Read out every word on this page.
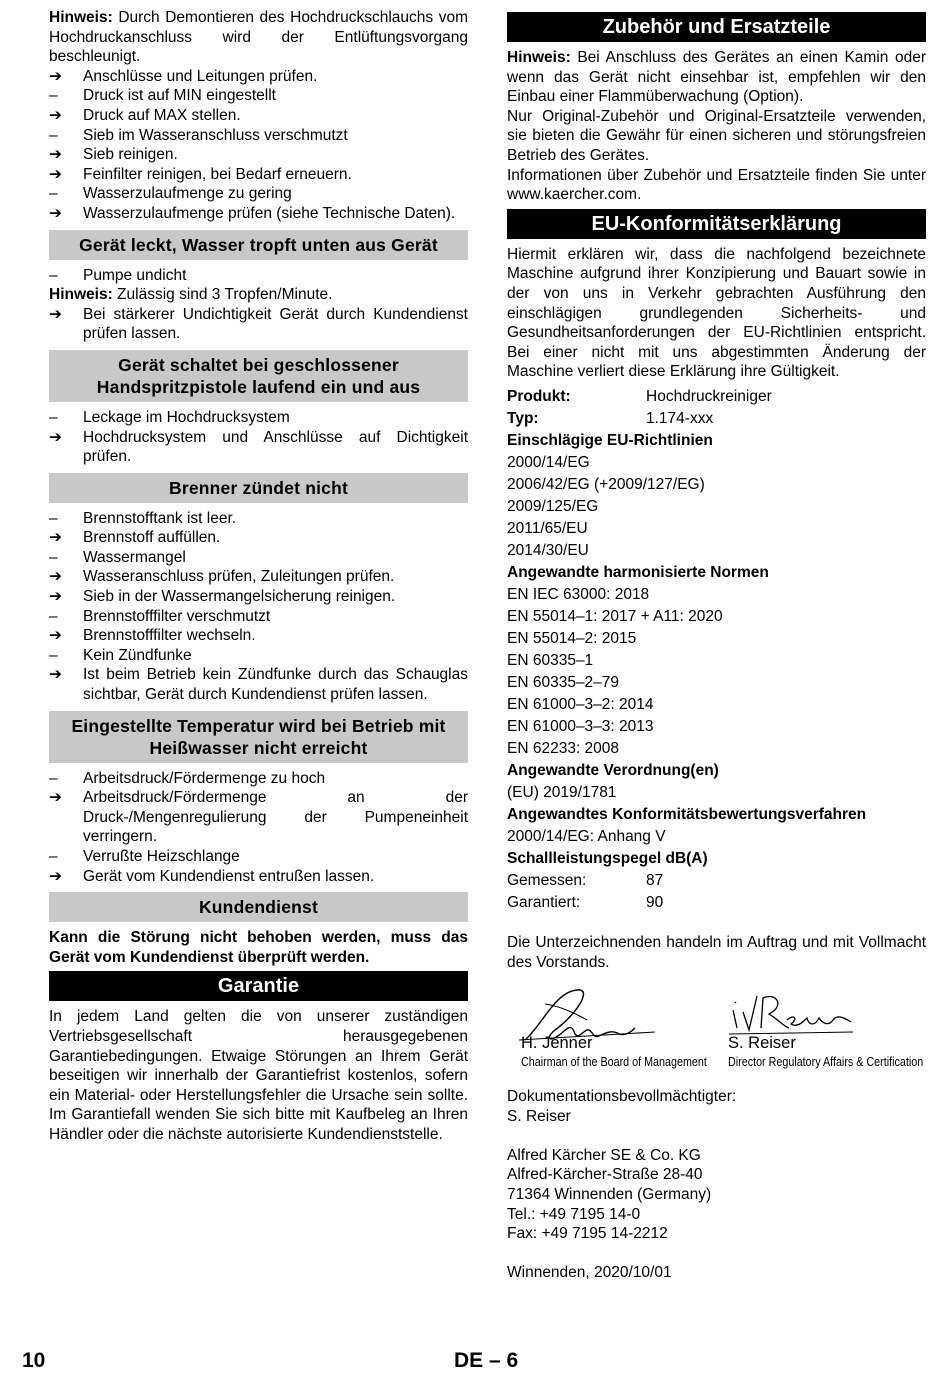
Hinweis: Durch Demontieren des Hochdruckschlauchs vom Hochdruckanschluss wird der Entlüftungsvorgang beschleunigt.

➔	Anschlüsse und Leitungen prüfen.
–	Druck ist auf MIN eingestellt
➔	Druck auf MAX stellen.
–	Sieb im Wasseranschluss verschmutzt
➔	Sieb reinigen.
➔	Feinfilter reinigen, bei Bedarf erneuern.
–	Wasserzulaufmenge zu gering
➔	Wasserzulaufmenge prüfen (siehe Technische Daten).
Gerät leckt, Wasser tropft unten aus Gerät
–	Pumpe undicht

Hinweis: Zulässig sind 3 Tropfen/Minute.

➔	Bei stärkerer Undichtigkeit Gerät durch Kundendienst prüfen lassen.
Gerät schaltet bei geschlossener
Handspritzpistole laufend ein und aus
–	Leckage im Hochdrucksystem
➔	Hochdrucksystem und Anschlüsse auf Dichtigkeit prüfen.
Brenner zündet nicht
–	Brennstofftank ist leer.
➔	Brennstoff auffüllen.
–	Wassermangel
➔	Wasseranschluss prüfen, Zuleitungen prüfen.
➔	Sieb in der Wassermangelsicherung reinigen.
–	Brennstofffilter verschmutzt
➔	Brennstofffilter wechseln.
–	Kein Zündfunke
➔	Ist beim Betrieb kein Zündfunke durch das Schauglas sichtbar, Gerät durch Kundendienst prüfen lassen.
Eingestellte Temperatur wird bei Betrieb mit
Heißwasser nicht erreicht
–	Arbeitsdruck/Fördermenge zu hoch
➔	Arbeitsdruck/Fördermenge an der Druck-/Mengenregulierung der Pumpeneinheit verringern.
–	Verrußte Heizschlange
➔	Gerät vom Kundendienst entrußen lassen.
Kundendienst

Kann die Störung nicht behoben werden, muss das Gerät vom Kundendienst überprüft werden.

Garantie

In jedem Land gelten die von unserer zuständigen Vertriebsgesellschaft herausgegebenen Garantiebedingungen. Etwaige Störungen an Ihrem Gerät beseitigen wir innerhalb der Garantiefrist kostenlos, sofern ein Material- oder Herstellungsfehler die Ursache sein sollte. Im Garantiefall wenden Sie sich bitte mit Kaufbeleg an Ihren Händler oder die nächste autorisierte Kundendienststelle.

Zubehör und Ersatzteile

Hinweis: Bei Anschluss des Gerätes an einen Kamin oder wenn das Gerät nicht einsehbar ist, empfehlen wir den Einbau einer Flammüberwachung (Option).

Nur Original-Zubehör und Original-Ersatzteile verwenden, sie bieten die Gewähr für einen sicheren und störungsfreien Betrieb des Gerätes.

Informationen über Zubehör und Ersatzteile finden Sie unter www.kaercher.com.

EU-Konformitätserklärung

Hiermit erklären wir, dass die nachfolgend bezeichnete Maschine aufgrund ihrer Konzipierung und Bauart sowie in der von uns in Verkehr gebrachten Ausführung den einschlägigen grundlegenden Sicherheits- und Gesundheitsanforderungen der EU-Richtlinien entspricht. Bei einer nicht mit uns abgestimmten Änderung der Maschine verliert diese Erklärung ihre Gültigkeit.

Produkt:	Hochdruckreiniger
Typ:	1.174-xxx
Einschlägige EU-Richtlinien
2000/14/EG
2006/42/EG (+2009/127/EG)
2009/125/EG
2011/65/EU
2014/30/EU
Angewandte harmonisierte Normen
EN IEC 63000: 2018
EN 55014–1: 2017 + A11: 2020
EN 55014–2: 2015
EN 60335–1
EN 60335–2–79
EN 61000–3–2: 2014
EN 61000–3–3: 2013
EN 62233: 2008
Angewandte Verordnung(en)
(EU) 2019/1781
Angewandtes Konformitätsbewertungsverfahren
2000/14/EG: Anhang V
Schallleistungspegel dB(A)
Gemessen:	87
Garantiert:	90

Die Unterzeichnenden handeln im Auftrag und mit Vollmacht des Vorstands.

H. Jenner
Chairman of the Board of Management
S. Reiser
Director Regulatory Affairs & Certification

Dokumentationsbevollmächtigter:

S. Reiser

Alfred Kärcher SE & Co. KG

Alfred-Kärcher-Straße 28-40

71364 Winnenden (Germany)

Tel.: +49 7195 14-0

Fax: +49 7195 14-2212

Winnenden, 2020/10/01

10	DE – 6
